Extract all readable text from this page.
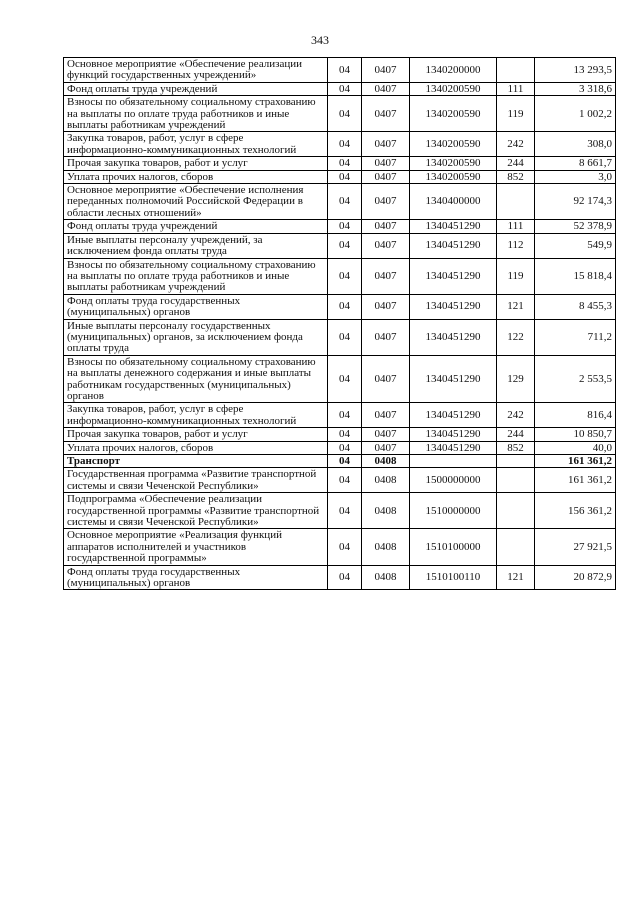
343
Основное мероприятие «Обеспечение реализации функций государственных учреждений»	04	0407	1340200000		13 293,5
Фонд оплаты труда учреждений	04	0407	1340200590	111	3 318,6
Взносы по обязательному социальному страхованию на выплаты по оплате труда работников и иные выплаты работникам учреждений	04	0407	1340200590	119	1 002,2
Закупка товаров, работ, услуг в сфере информационно-коммуникационных технологий	04	0407	1340200590	242	308,0
Прочая закупка товаров, работ и услуг	04	0407	1340200590	244	8 661,7
Уплата прочих налогов, сборов	04	0407	1340200590	852	3,0
Основное мероприятие «Обеспечение исполнения переданных полномочий Российской Федерации в области лесных отношений»	04	0407	1340400000		92 174,3
Фонд оплаты труда учреждений	04	0407	1340451290	111	52 378,9
Иные выплаты персоналу учреждений, за исключением фонда оплаты труда	04	0407	1340451290	112	549,9
Взносы по обязательному социальному страхованию на выплаты по оплате труда работников и иные выплаты работникам учреждений	04	0407	1340451290	119	15 818,4
Фонд оплаты труда государственных (муниципальных) органов	04	0407	1340451290	121	8 455,3
Иные выплаты персоналу государственных (муниципальных) органов, за исключением фонда оплаты труда	04	0407	1340451290	122	711,2
Взносы по обязательному социальному страхованию на выплаты денежного содержания и иные выплаты работникам государственных (муниципальных) органов	04	0407	1340451290	129	2 553,5
Закупка товаров, работ, услуг в сфере информационно-коммуникационных технологий	04	0407	1340451290	242	816,4
Прочая закупка товаров, работ и услуг	04	0407	1340451290	244	10 850,7
Уплата прочих налогов, сборов	04	0407	1340451290	852	40,0
Транспорт	04	0408			161 361,2
Государственная программа «Развитие транспортной системы и связи Чеченской Республики»	04	0408	1500000000		161 361,2
Подпрограмма «Обеспечение реализации государственной программы «Развитие транспортной системы и связи Чеченской Республики»	04	0408	1510000000		156 361,2
Основное мероприятие «Реализация функций аппаратов исполнителей и участников государственной программы»	04	0408	1510100000		27 921,5
Фонд оплаты труда государственных (муниципальных) органов	04	0408	1510100110	121	20 872,9
